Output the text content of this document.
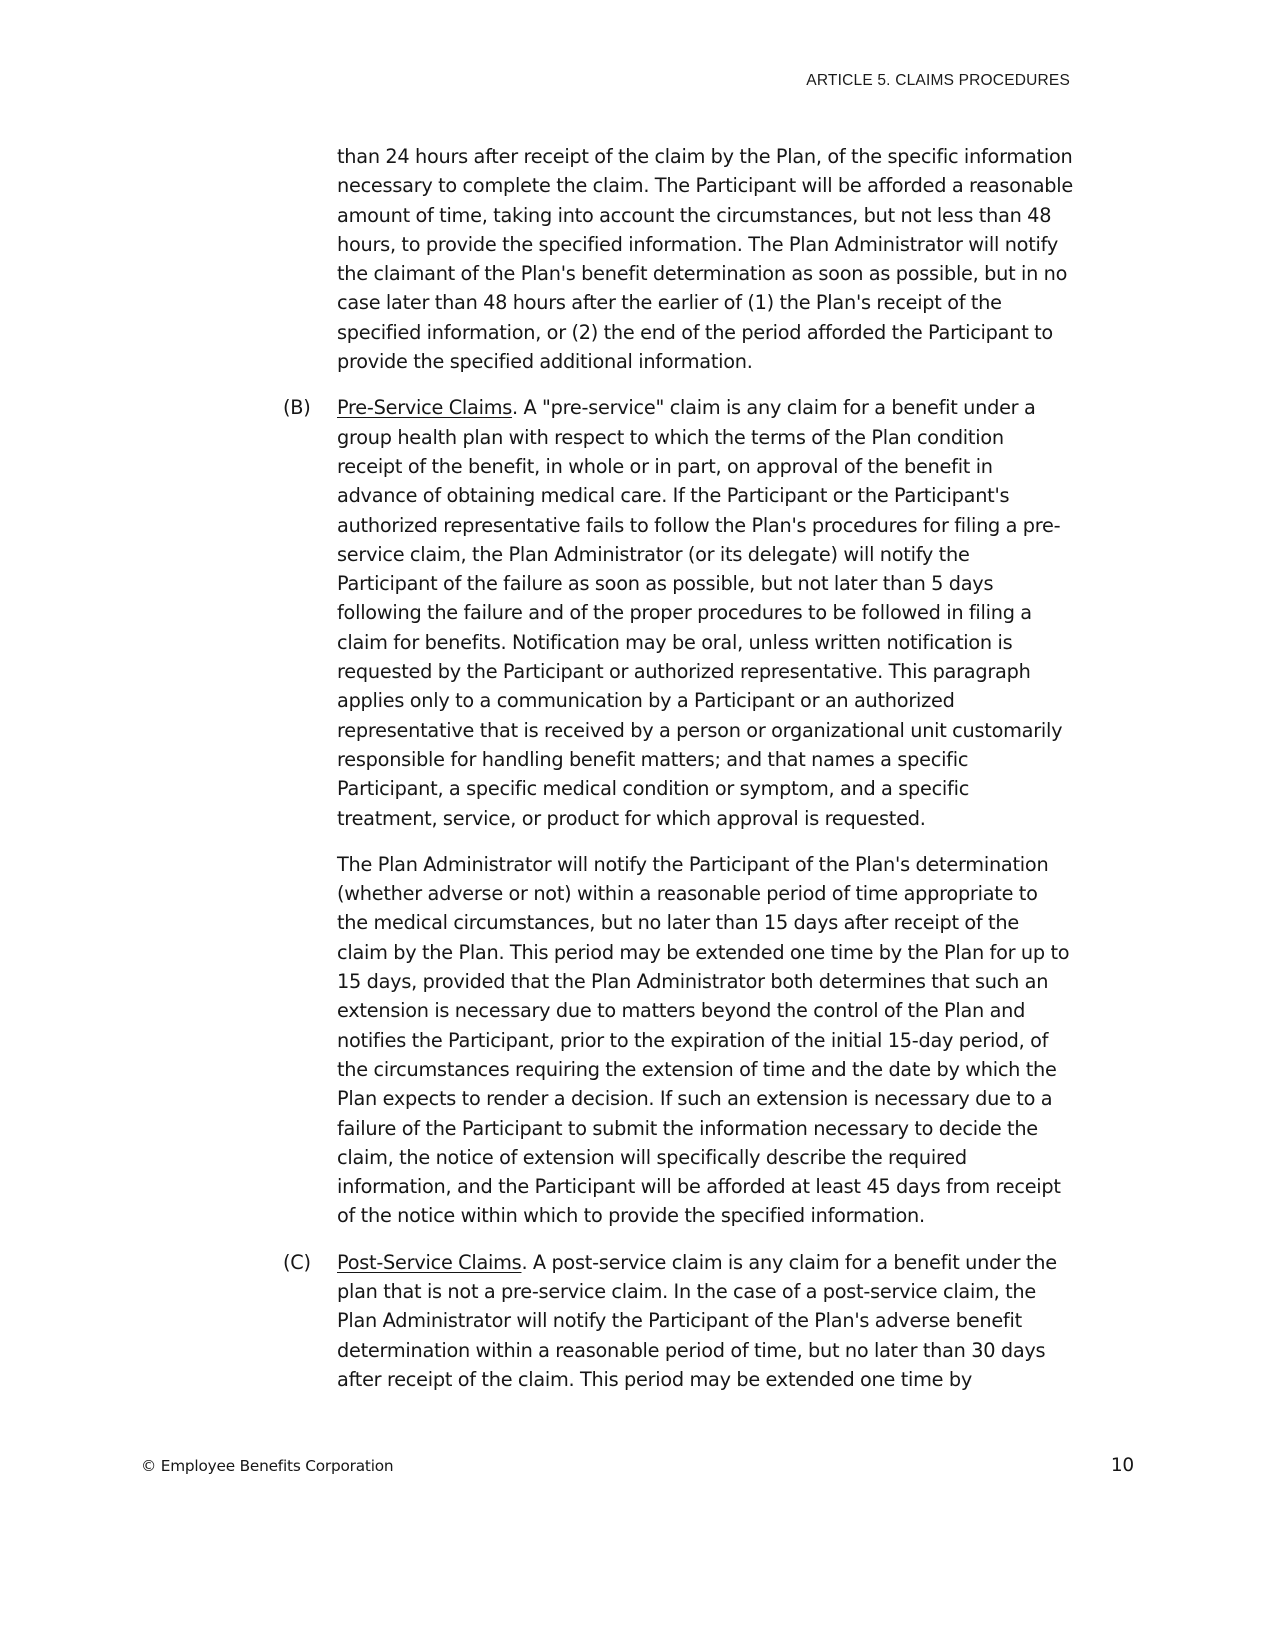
ARTICLE 5. CLAIMS PROCEDURES

than 24 hours after receipt of the claim by the Plan, of the specific information necessary to complete the claim. The Participant will be afforded a reasonable amount of time, taking into account the circumstances, but not less than 48 hours, to provide the specified information. The Plan Administrator will notify the claimant of the Plan's benefit determination as soon as possible, but in no case later than 48 hours after the earlier of (1) the Plan's receipt of the specified information, or (2) the end of the period afforded the Participant to provide the specified additional information.

(B)	Pre-Service Claims. A "pre-service" claim is any claim for a benefit under a group health plan with respect to which the terms of the Plan condition receipt of the benefit, in whole or in part, on approval of the benefit in advance of obtaining medical care. If the Participant or the Participant's authorized representative fails to follow the Plan's procedures for filing a pre-service claim, the Plan Administrator (or its delegate) will notify the Participant of the failure as soon as possible, but not later than 5 days following the failure and of the proper procedures to be followed in filing a claim for benefits. Notification may be oral, unless written notification is requested by the Participant or authorized representative. This paragraph applies only to a communication by a Participant or an authorized representative that is received by a person or organizational unit customarily responsible for handling benefit matters; and that names a specific Participant, a specific medical condition or symptom, and a specific treatment, service, or product for which approval is requested.

The Plan Administrator will notify the Participant of the Plan's determination (whether adverse or not) within a reasonable period of time appropriate to the medical circumstances, but no later than 15 days after receipt of the claim by the Plan. This period may be extended one time by the Plan for up to 15 days, provided that the Plan Administrator both determines that such an extension is necessary due to matters beyond the control of the Plan and notifies the Participant, prior to the expiration of the initial 15-day period, of the circumstances requiring the extension of time and the date by which the Plan expects to render a decision. If such an extension is necessary due to a failure of the Participant to submit the information necessary to decide the claim, the notice of extension will specifically describe the required information, and the Participant will be afforded at least 45 days from receipt of the notice within which to provide the specified information.

(C)	Post-Service Claims. A post-service claim is any claim for a benefit under the plan that is not a pre-service claim. In the case of a post-service claim, the Plan Administrator will notify the Participant of the Plan's adverse benefit determination within a reasonable period of time, but no later than 30 days after receipt of the claim. This period may be extended one time by
© Employee Benefits Corporation	10
